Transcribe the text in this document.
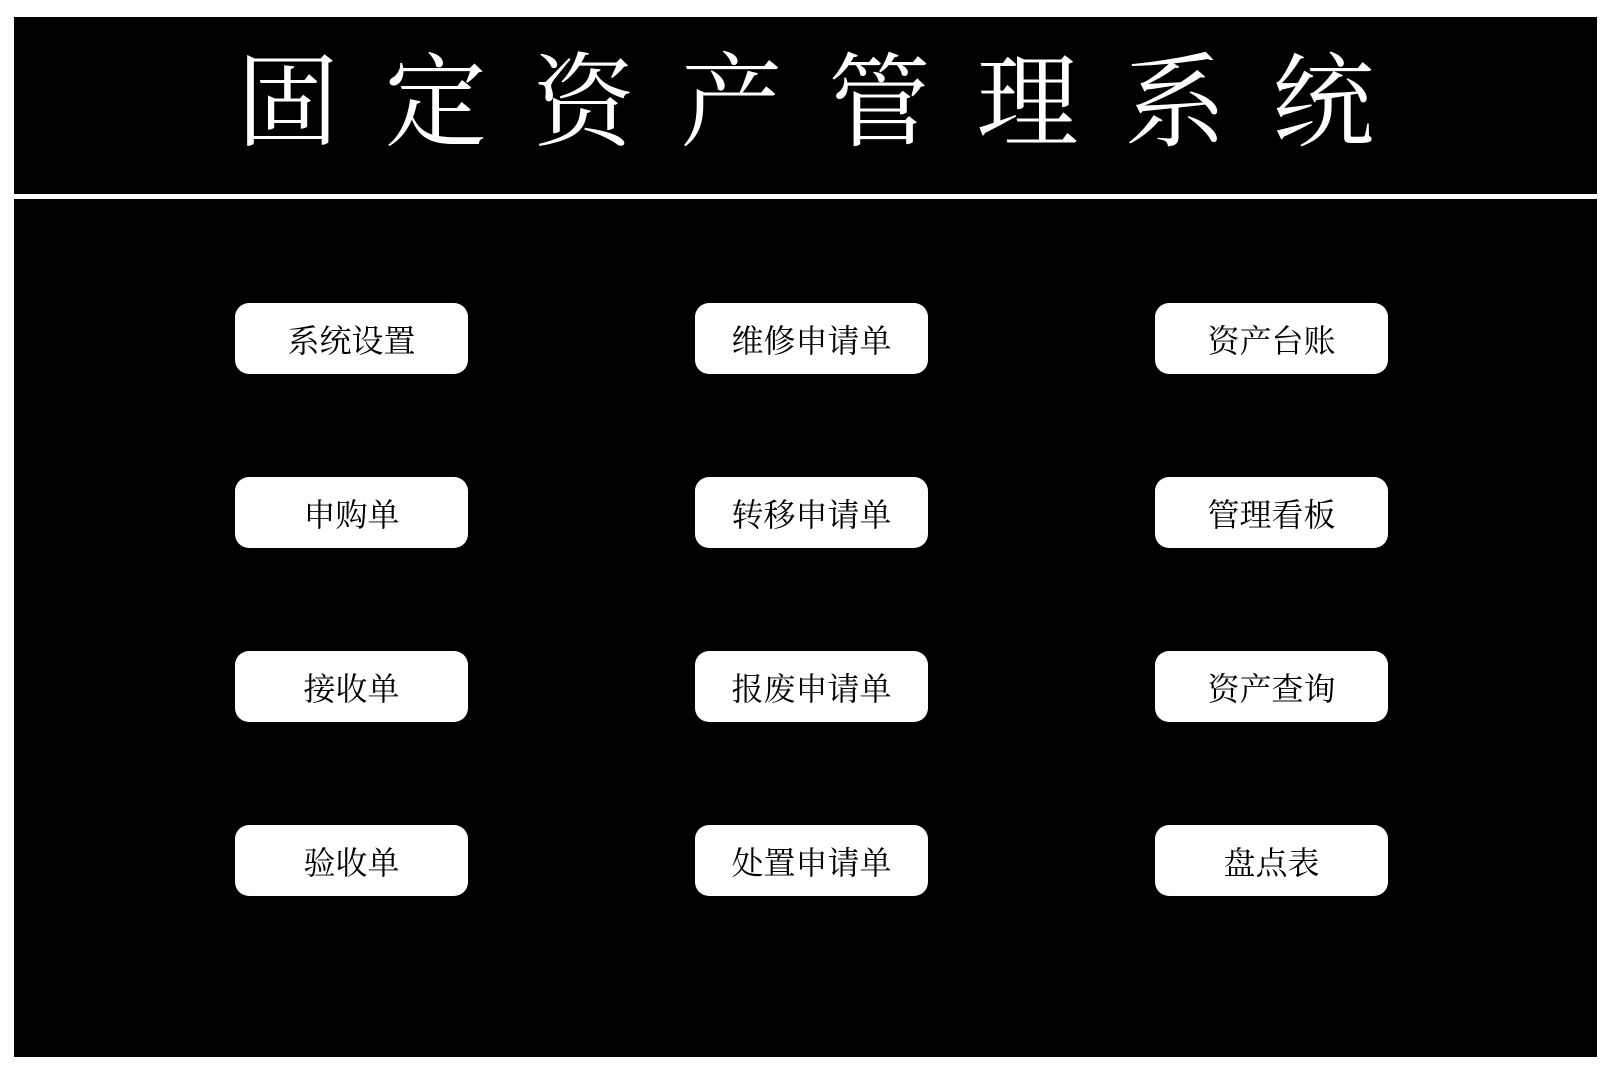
固定资产管理系统
系统设置	维修申请单	资产台账
申购单	转移申请单	管理看板
接收单	报废申请单	资产查询
验收单	处置申请单	盘点表
